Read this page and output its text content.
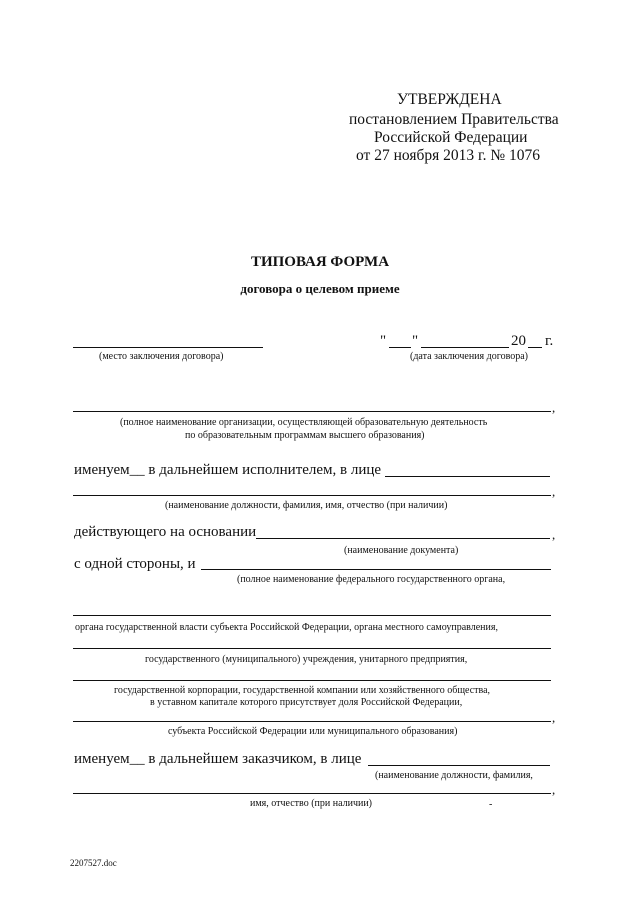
УТВЕРЖДЕНА
постановлением Правительства
Российской Федерации
от 27 ноября 2013 г. № 1076
ТИПОВАЯ ФОРМА
договора о целевом приеме
" "	20 г.
(место заключения договора)	(дата заключения договора)
,
(полное наименование организации, осуществляющей образовательную деятельность
по образовательным программам высшего образования)
именуем__ в дальнейшем исполнителем, в лице
,
(наименование должности, фамилия, имя, отчество (при наличии)
действующего на основании	,
(наименование документа)
с одной стороны, и
(полное наименование федерального государственного органа,
органа государственной власти субъекта Российской Федерации, органа местного самоуправления,
государственного (муниципального) учреждения, унитарного предприятия,
государственной корпорации, государственной компании или хозяйственного общества,
в уставном капитале которого присутствует доля Российской Федерации,
,
субъекта Российской Федерации или муниципального образования)
именуем__ в дальнейшем заказчиком, в лице
(наименование должности, фамилия,
,
имя, отчество (при наличии)	-
2207527.doc
